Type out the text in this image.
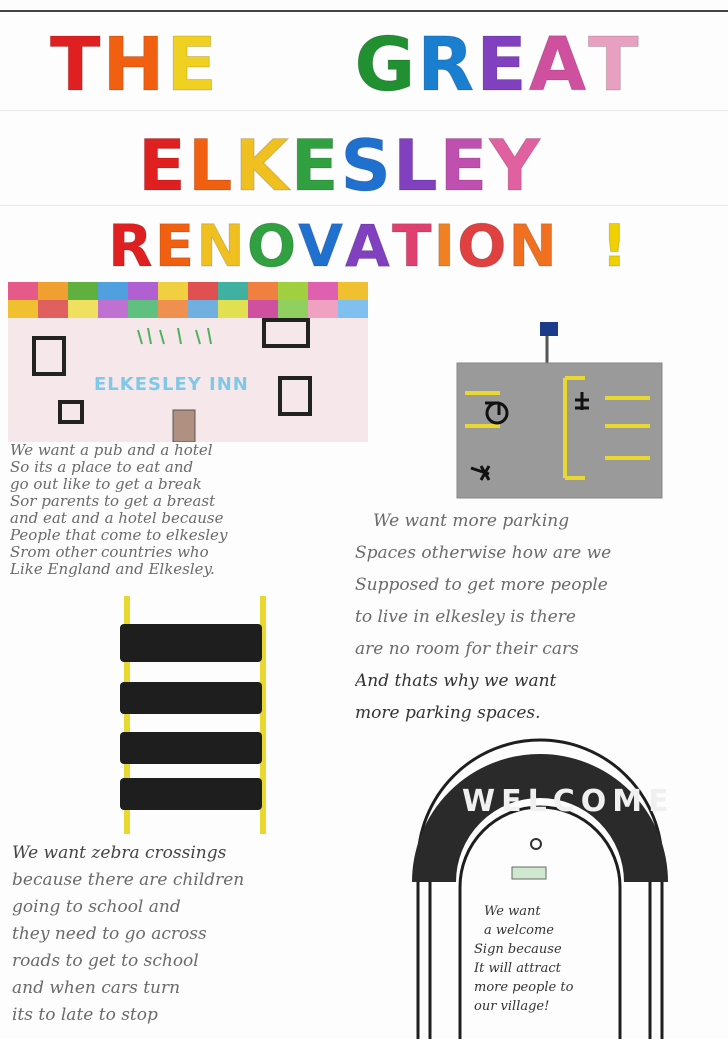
THE GREAT
ELKESLEY
RENOVATION !
ELKESLEY INN
We want a pub and a hotel
So its a place to eat and
go out like to get a break
Sor parents to get a breast
and eat and a hotel because
People that come to elkesley
Srom other countries who
Like England and Elkesley.
We want more parking
Spaces otherwise how are we
Supposed to get more people
to live in elkesley is there
are no room for their cars
And thats why we want
more parking spaces.
We want zebra crossings
because there are children
going to school and
they need to go across
roads to get to school
and when cars turn
its to late to stop
WELCOME
We want
a welcome
Sign because
It will attract
more people to
our village!
